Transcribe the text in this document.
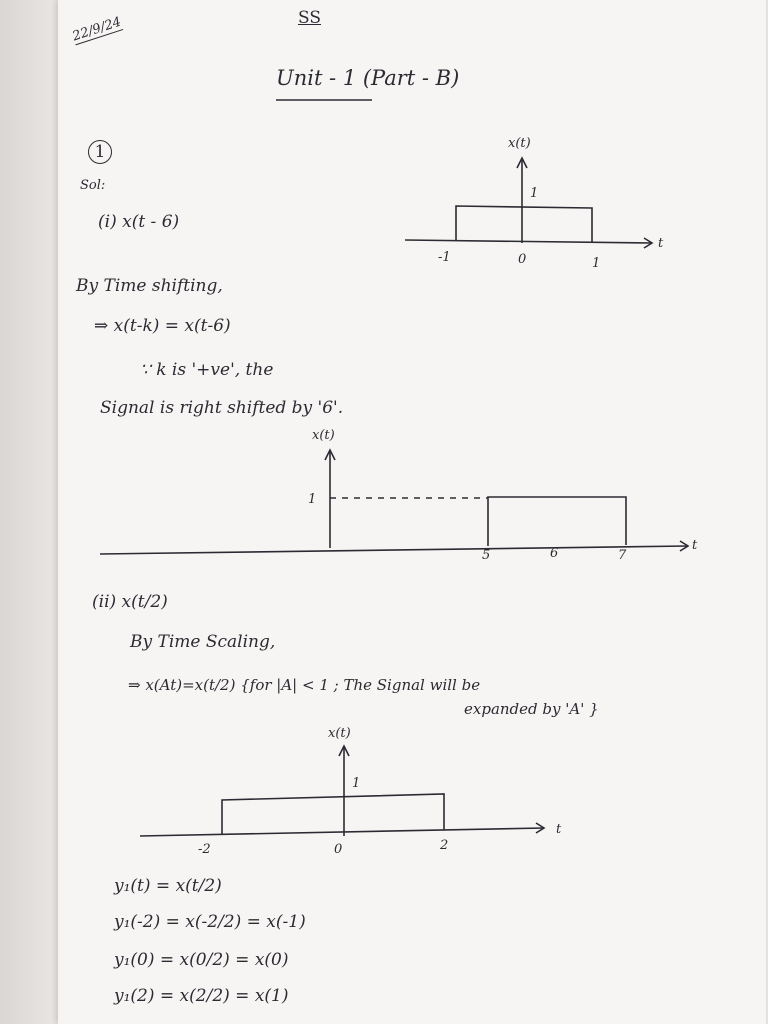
22/9/24	SS
Unit - 1 (Part - B)
1
Sol:
(i) x(t - 6)
By Time shifting,
⇒ x(t-k) = x(t-6)
∵ k is '+ve', the
Signal is right shifted by '6'.
x(t)
1
t
-1	0	1
x(t)
1
t
5	6	7
(ii) x(t/2)
By Time Scaling,
⇒ x(At)=x(t/2) {for |A| < 1 ; The Signal will be
expanded by 'A' }
x(t)
1
t
-2	0	2
y₁(t) = x(t/2)
y₁(-2) = x(-2/2) = x(-1)
y₁(0) = x(0/2) = x(0)
y₁(2) = x(2/2) = x(1)
